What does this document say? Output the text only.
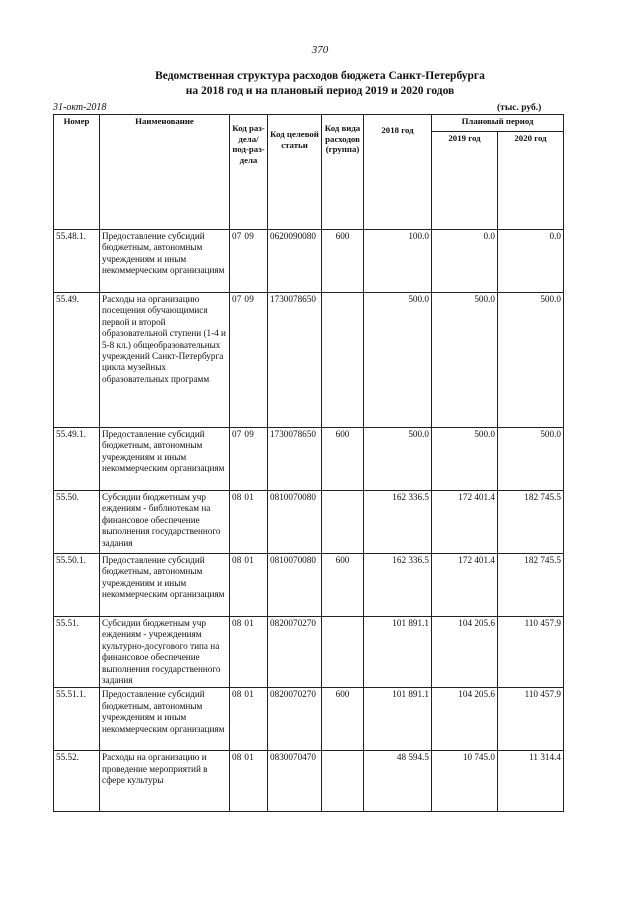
370
Ведомственная структура расходов бюджета Санкт-Петербурга
на 2018 год и на плановый период 2019 и 2020 годов
31-окт-2018	(тыс. руб.)
Номер	Наименование	Код раз-дела/ под-раз-дела	Код целевой статьи	Код вида расходов (группа)	2018 год	Плановый период	
						2019 год	2020 год
55.48.1.	Предоставление субсидий бюджетным, автономным учреждениям и иным некоммерческим организациям	07 09	0620090080	600	100.0	0.0	0.0
55.49.	Расходы на организацию посещения обучающимися первой и второй образовательной ступени (1-4 и 5-8 кл.) общеобразовательных учреждений Санкт-Петербурга цикла музейных образовательных программ	07 09	1730078650		500.0	500.0	500.0
55.49.1.	Предоставление субсидий бюджетным, автономным учреждениям и иным некоммерческим организациям	07 09	1730078650	600	500.0	500.0	500.0
55.50.	Субсидии бюджетным учр еждениям - библиотекам на финансовое обеспечение выполнения государственного задания	08 01	0810070080		162 336.5	172 401.4	182 745.5
55.50.1.	Предоставление субсидий бюджетным, автономным учреждениям и иным некоммерческим организациям	08 01	0810070080	600	162 336.5	172 401.4	182 745.5
55.51.	Субсидии бюджетным учр еждениям - учреждениям культурно-досугового типа на финансовое обеспечение выполнения государственного задания	08 01	0820070270		101 891.1	104 205.6	110 457.9
55.51.1.	Предоставление субсидий бюджетным, автономным учреждениям и иным некоммерческим организациям	08 01	0820070270	600	101 891.1	104 205.6	110 457.9
55.52.	Расходы на организацию и проведение мероприятий в сфере культуры	08 01	0830070470		48 594.5	10 745.0	11 314.4
